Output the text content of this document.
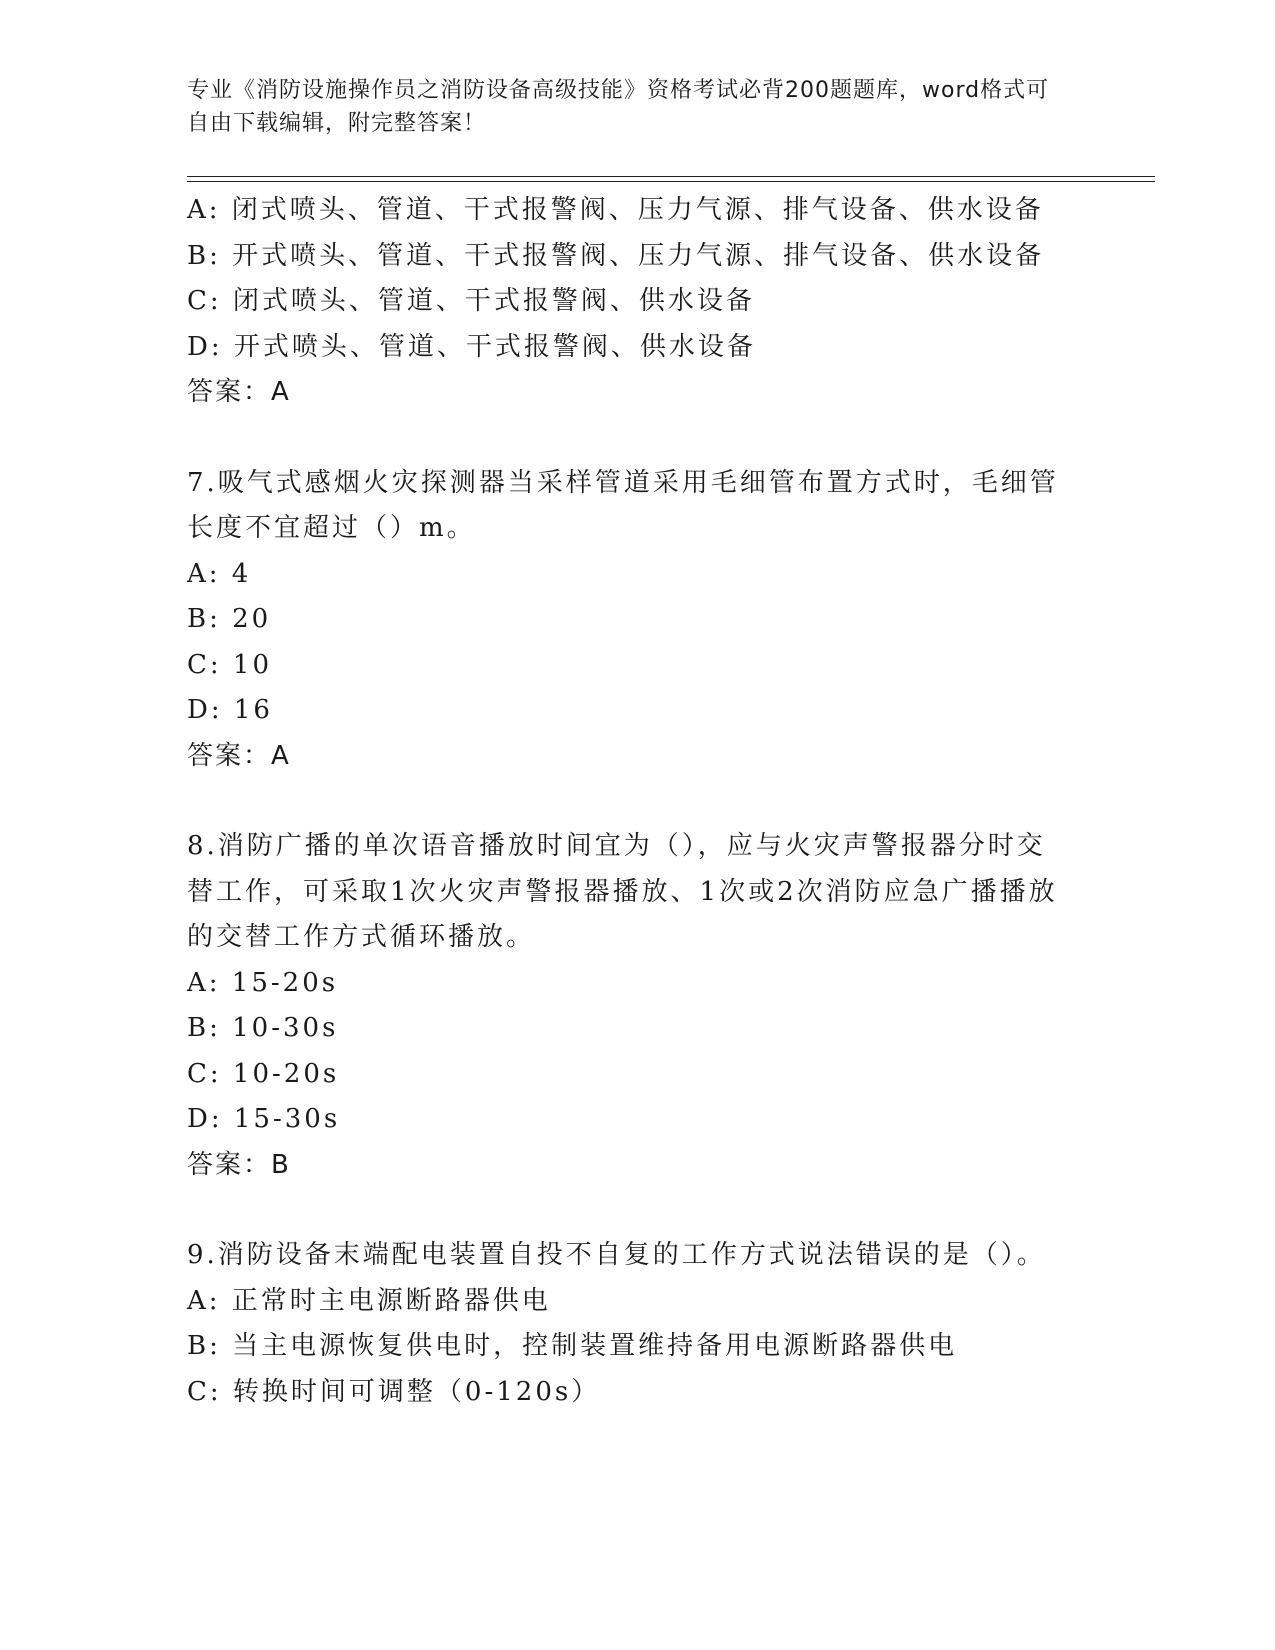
专业《消防设施操作员之消防设备高级技能》资格考试必背200题题库，word格式可自由下载编辑，附完整答案！
A: 闭式喷头、管道、干式报警阀、压力气源、排气设备、供水设备
B: 开式喷头、管道、干式报警阀、压力气源、排气设备、供水设备
C: 闭式喷头、管道、干式报警阀、供水设备
D: 开式喷头、管道、干式报警阀、供水设备
答案：A
7.吸气式感烟火灾探测器当采样管道采用毛细管布置方式时，毛细管
长度不宜超过（）m。
A: 4
B: 20
C: 10
D: 16
答案：A
8.消防广播的单次语音播放时间宜为（），应与火灾声警报器分时交
替工作，可采取1次火灾声警报器播放、1次或2次消防应急广播播放
的交替工作方式循环播放。
A: 15-20s
B: 10-30s
C: 10-20s
D: 15-30s
答案：B
9.消防设备末端配电装置自投不自复的工作方式说法错误的是（）。
A: 正常时主电源断路器供电
B: 当主电源恢复供电时，控制装置维持备用电源断路器供电
C: 转换时间可调整（0-120s）
